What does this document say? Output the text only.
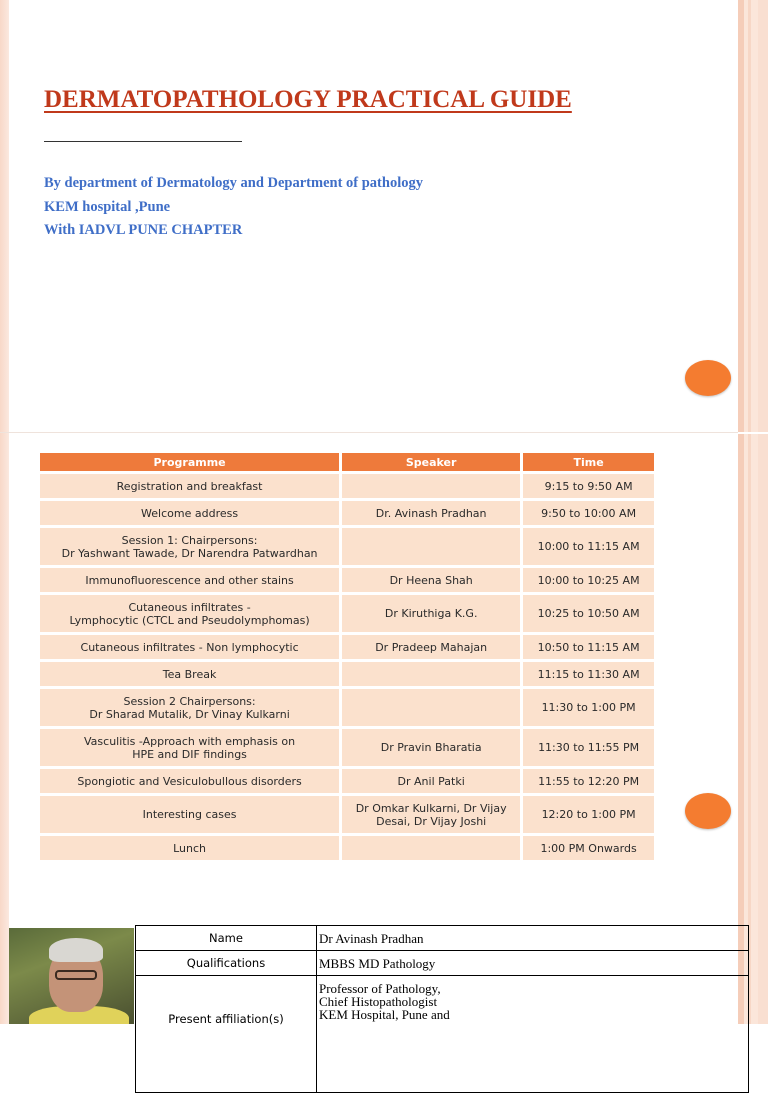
DERMATOPATHOLOGY PRACTICAL GUIDE
By department of Dermatology and Department of pathology
KEM hospital ,Pune
With IADVL PUNE CHAPTER
Programme	Speaker	Time

Registration and breakfast		9:15 to 9:50 AM

Welcome address	Dr. Avinash Pradhan	9:50 to 10:00 AM

Session 1: Chairpersons:
Dr Yashwant Tawade, Dr Narendra Patwardhan		10:00 to 11:15 AM

Immunofluorescence and other stains	Dr Heena Shah	10:00 to 10:25 AM

Cutaneous infiltrates -
Lymphocytic (CTCL and Pseudolymphomas)	Dr Kiruthiga K.G.	10:25 to 10:50 AM

Cutaneous infiltrates - Non lymphocytic	Dr Pradeep Mahajan	10:50 to 11:15 AM

Tea Break		11:15 to 11:30 AM

Session 2 Chairpersons:
Dr Sharad Mutalik, Dr Vinay Kulkarni		11:30 to 1:00 PM

Vasculitis -Approach with emphasis on
HPE and DIF findings	Dr Pravin Bharatia	11:30 to 11:55 PM

Spongiotic and Vesiculobullous disorders	Dr Anil Patki	11:55 to 12:20 PM

Interesting cases	Dr Omkar Kulkarni, Dr Vijay
Desai, Dr Vijay Joshi	12:20 to 1:00 PM

Lunch		1:00 PM Onwards
Name	Dr Avinash Pradhan
Qualifications	MBBS MD Pathology
Present affiliation(s)	Professor of Pathology,
Chief Histopathologist
KEM Hospital, Pune and
